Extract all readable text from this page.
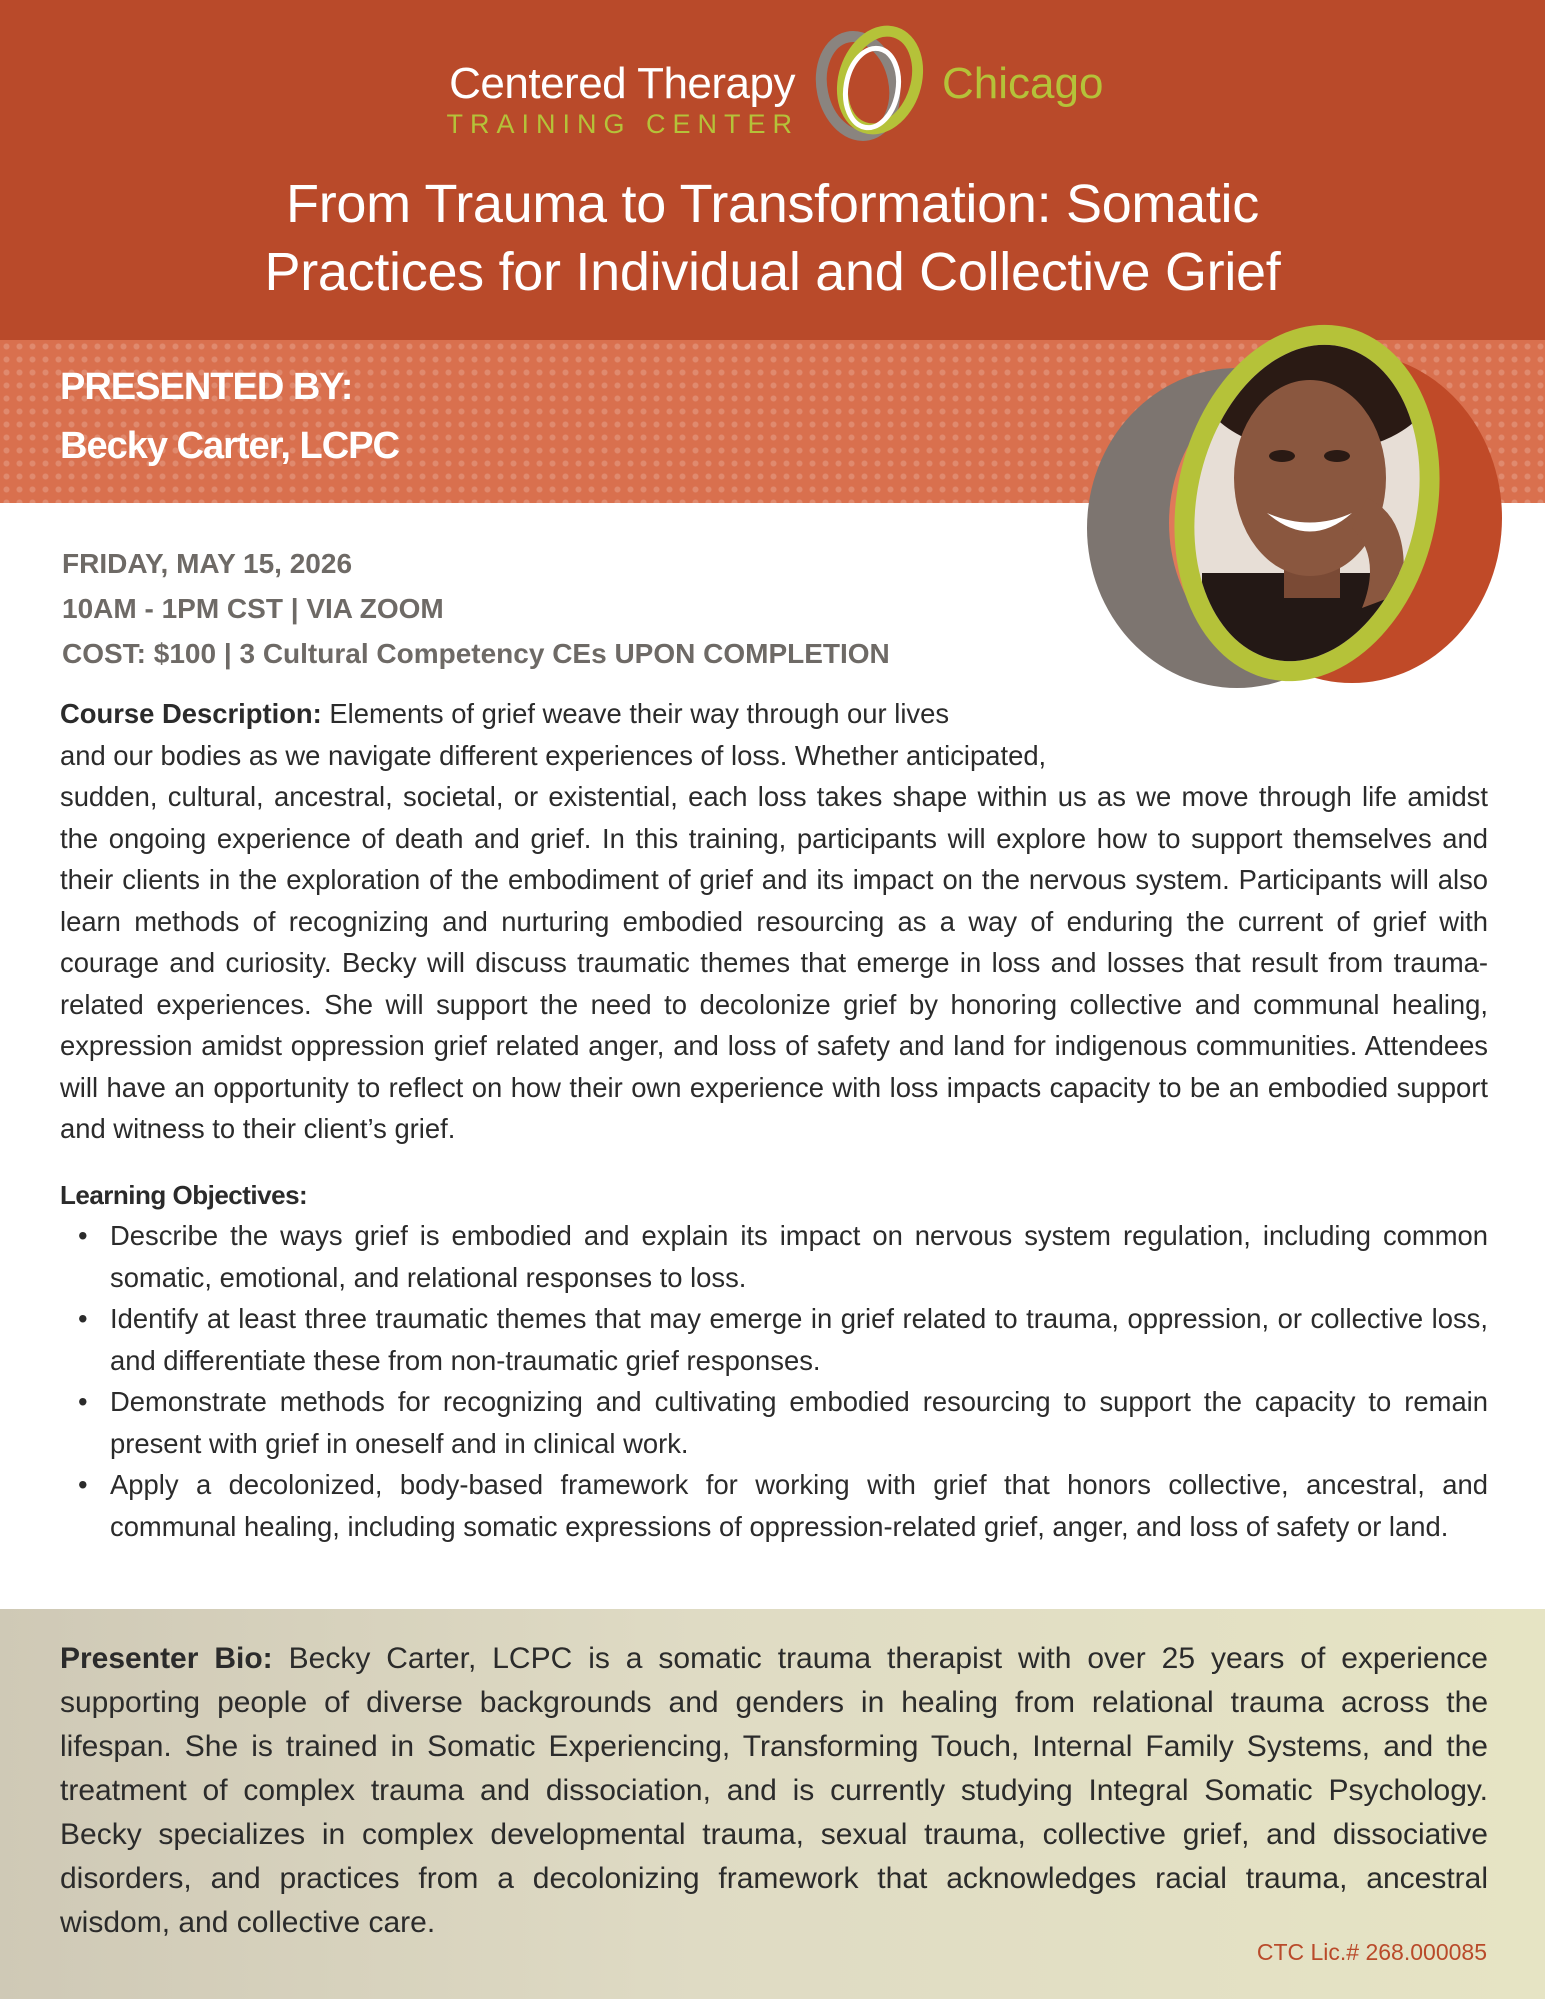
Centered Therapy
TRAINING CENTER
Chicago
From Trauma to Transformation: Somatic
Practices for Individual and Collective Grief
PRESENTED BY:
Becky Carter, LCPC
FRIDAY, MAY 15, 2026
10AM - 1PM CST | VIA ZOOM
COST: $100 | 3 Cultural Competency CEs UPON COMPLETION
Course Description: Elements of grief weave their way through our lives
and our bodies as we navigate different experiences of loss. Whether anticipated,
sudden, cultural, ancestral, societal, or existential, each loss takes shape within us as we move through life amidst the ongoing experience of death and grief. In this training, participants will explore how to support themselves and their clients in the exploration of the embodiment of grief and its impact on the nervous system. Participants will also learn methods of recognizing and nurturing embodied resourcing as a way of enduring the current of grief with courage and curiosity. Becky will discuss traumatic themes that emerge in loss and losses that result from trauma-related experiences. She will support the need to decolonize grief by honoring collective and communal healing, expression amidst oppression grief related anger, and loss of safety and land for indigenous communities. Attendees will have an opportunity to reflect on how their own experience with loss impacts capacity to be an embodied support and witness to their client’s grief.
Learning Objectives:
• Describe the ways grief is embodied and explain its impact on nervous system regulation, including common somatic, emotional, and relational responses to loss.
• Identify at least three traumatic themes that may emerge in grief related to trauma, oppression, or collective loss, and differentiate these from non-traumatic grief responses.
• Demonstrate methods for recognizing and cultivating embodied resourcing to support the capacity to remain present with grief in oneself and in clinical work.
• Apply a decolonized, body-based framework for working with grief that honors collective, ancestral, and communal healing, including somatic expressions of oppression-related grief, anger, and loss of safety or land.
Presenter Bio: Becky Carter, LCPC is a somatic trauma therapist with over 25 years of experience supporting people of diverse backgrounds and genders in healing from relational trauma across the lifespan. She is trained in Somatic Experiencing, Transforming Touch, Internal Family Systems, and the treatment of complex trauma and dissociation, and is currently studying Integral Somatic Psychology. Becky specializes in complex developmental trauma, sexual trauma, collective grief, and dissociative disorders, and practices from a decolonizing framework that acknowledges racial trauma, ancestral wisdom, and collective care.
CTC Lic.# 268.000085
